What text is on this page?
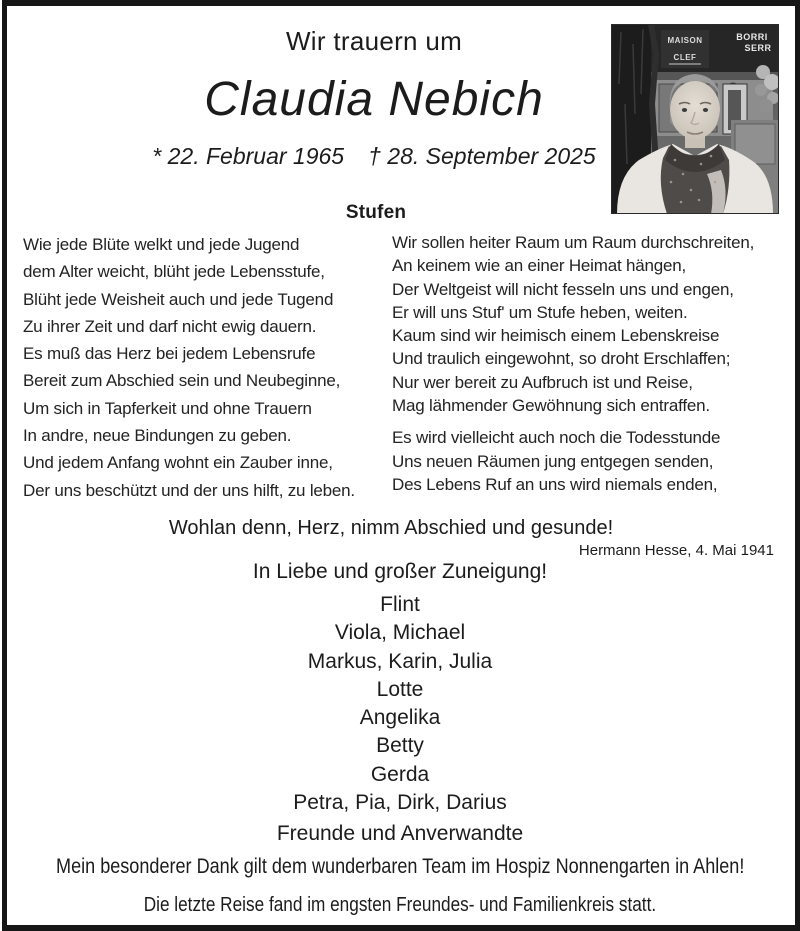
Wir trauern um
Claudia Nebich
* 22. Februar 1965 † 28. September 2025
MAISON
CLEF
BORRI
SERR
Stufen
Wie jede Blüte welkt und jede Jugend
dem Alter weicht, blüht jede Lebensstufe,
Blüht jede Weisheit auch und jede Tugend
Zu ihrer Zeit und darf nicht ewig dauern.
Es muß das Herz bei jedem Lebensrufe
Bereit zum Abschied sein und Neubeginne,
Um sich in Tapferkeit und ohne Trauern
In andre, neue Bindungen zu geben.
Und jedem Anfang wohnt ein Zauber inne,
Der uns beschützt und der uns hilft, zu leben.
Wir sollen heiter Raum um Raum durchschreiten,
An keinem wie an einer Heimat hängen,
Der Weltgeist will nicht fesseln uns und engen,
Er will uns Stuf' um Stufe heben, weiten.
Kaum sind wir heimisch einem Lebenskreise
Und traulich eingewohnt, so droht Erschlaffen;
Nur wer bereit zu Aufbruch ist und Reise,
Mag lähmender Gewöhnung sich entraffen.
Es wird vielleicht auch noch die Todesstunde
Uns neuen Räumen jung entgegen senden,
Des Lebens Ruf an uns wird niemals enden,
Wohlan denn, Herz, nimm Abschied und gesunde!
Hermann Hesse, 4. Mai 1941
In Liebe und großer Zuneigung!
Flint
Viola, Michael
Markus, Karin, Julia
Lotte
Angelika
Betty
Gerda
Petra, Pia, Dirk, Darius
Freunde und Anverwandte
Mein besonderer Dank gilt dem wunderbaren Team im Hospiz Nonnengarten in Ahlen!
Die letzte Reise fand im engsten Freundes- und Familienkreis statt.
